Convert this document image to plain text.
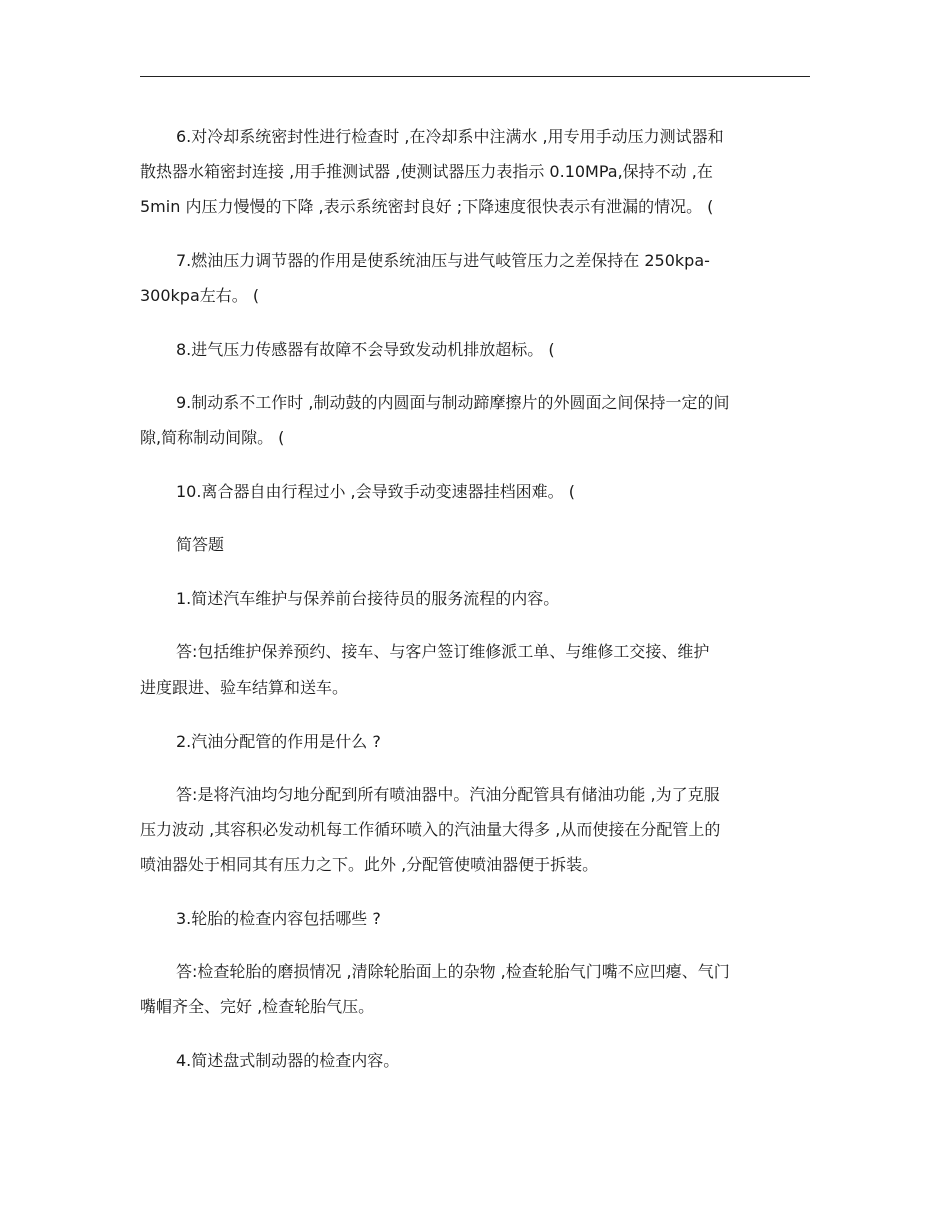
6.对冷却系统密封性进行检查时 ,在冷却系中注满水 ,用专用手动压力测试器和
散热器水箱密封连接 ,用手推测试器 ,使测试器压力表指示 0.10MPa,保持不动 ,在
5min 内压力慢慢的下降 ,表示系统密封良好 ;下降速度很快表示有泄漏的情况。 (
7.燃油压力调节器的作用是使系统油压与进气岐管压力之差保持在 250kpa-
300kpa左右。 (
8.进气压力传感器有故障不会导致发动机排放超标。 (
9.制动系不工作时 ,制动鼓的内圆面与制动蹄摩擦片的外圆面之间保持一定的间
隙,简称制动间隙。 (
10.离合器自由行程过小 ,会导致手动变速器挂档困难。 (
简答题
1.简述汽车维护与保养前台接待员的服务流程的内容。
答:包括维护保养预约、接车、与客户签订维修派工单、与维修工交接、维护
进度跟进、验车结算和送车。
2.汽油分配管的作用是什么 ?
答:是将汽油均匀地分配到所有喷油器中。汽油分配管具有储油功能 ,为了克服
压力波动 ,其容积必发动机每工作循环喷入的汽油量大得多 ,从而使接在分配管上的
喷油器处于相同其有压力之下。此外 ,分配管使喷油器便于拆装。
3.轮胎的检查内容包括哪些 ?
答:检查轮胎的磨损情况 ,清除轮胎面上的杂物 ,检查轮胎气门嘴不应凹瘪、气门
嘴帽齐全、完好 ,检查轮胎气压。
4.简述盘式制动器的检查内容。
